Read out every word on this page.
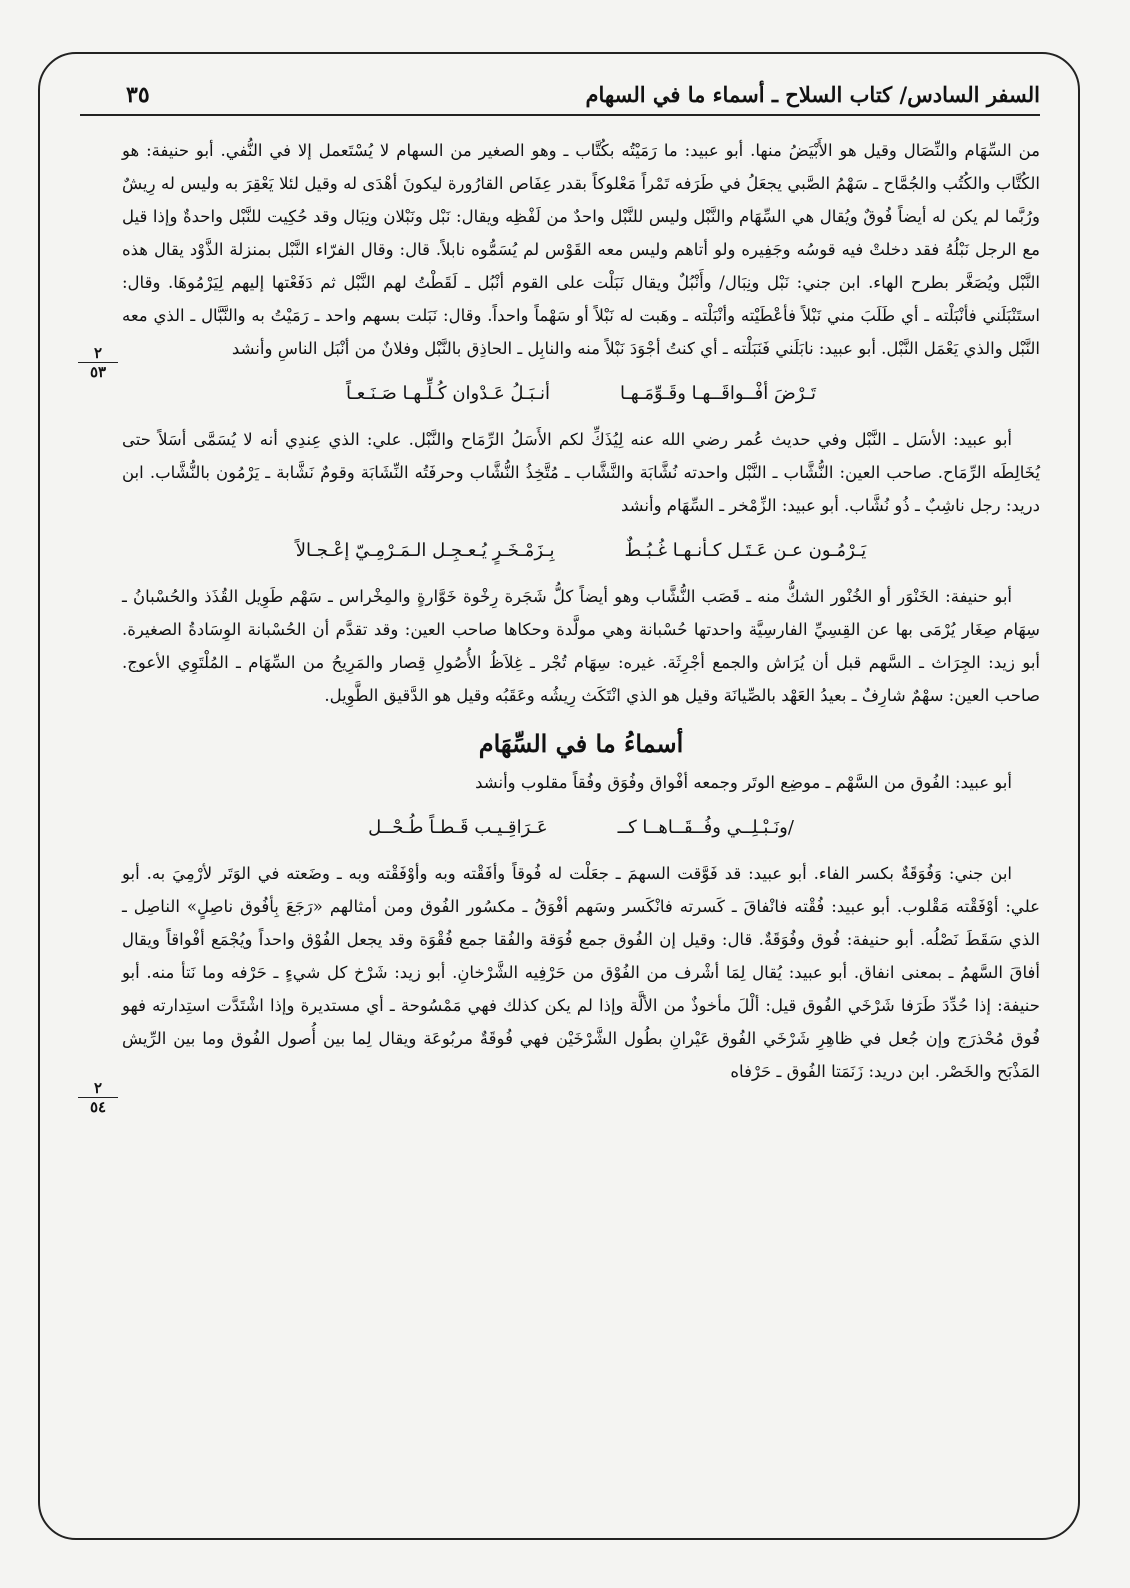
السفر السادس/ كتاب السلاح ـ أسماء ما في السهام
٣٥
٢
٥٣
٢
٥٤

من السِّهَام والنِّصَال وقيل هو الأَبْيَضُ منها. أبو عبيد: ما رَمَيْتُه بكُتَّاب ـ وهو الصغير من السهام لا يُسْتَعمل إلا في النُّفي. أبو حنيفة: هو الكُتَّاب والكُتُب والجُمَّاح ـ سَهْمُ الصَّبي يجعَلُ في طَرَفه تَمْراً مَعْلوكاً بقدر عِفَاص القارُورة ليكونَ أهْدَى له وقيل لئلا يَعْقِرَ به وليس له رِيشٌ ورُبَّما لم يكن له أيضاً فُوقٌ ويُقال هي السِّهَام والنَّبْل وليس للنَّبْل واحدٌ من لَفْظِه ويقال: نَبْل ونَبْلان ونِبَال وقد حُكِيت للنَّبْل واحدةٌ وإذا قيل مع الرجل نَبْلُهُ فقد دخلتْ فيه قوسُه وجَفِيره ولو أتاهم وليس معه القَوْس لم يُسَمُّوه نابلاً. قال: وقال الفرّاء النَّبْل بمنزلة الذَّوْد يقال هذه النَّبْل ويُصَغَّر بطرح الهاء. ابن جني: نَبْل ونِبَال/ وأَنْبُلٌ ويقال نَبَلْت على القوم أنْبُل ـ لَقَطْتُ لهم النَّبْل ثم دَفَعْتها إليهم لِيَرْمُوهَا. وقال: استَنْبَلَني فأنْبَلْته ـ أي طَلَبَ مني نَبْلاً فأعْطَيْته وأنْبَلْته ـ وهَبت له نَبْلاً أو سَهْماً واحداً. وقال: نَبَلت بسهم واحد ـ رَمَيْتُ به والنَّبَّال ـ الذي معه النَّبْل والذي يَعْمَل النَّبْل. أبو عبيد: نابَلَني فَنَبَلْته ـ أي كنتُ أجْوَدَ نَبْلاً منه والنابِل ـ الحاذِق بالنَّبْل وفلانٌ من أنْبَل الناسِ وأنشد

تَـرْضَ أفْــواقَــهـا وقَـوِّمَـهـا
أنـبَـلُ عَـدْوان كُـلِّـهـا صَـنَـعـاً

أبو عبيد: الأسَل ـ النَّبْل وفي حديث عُمر رضي الله عنه لِيُذَكِّ لكم الأَسَلُ الرِّمَاح والنَّبْل. علي: الذي عِندِي أنه لا يُسَمَّى أسَلاً حتى يُخَالِطَه الرِّمَاح. صاحب العين: النُّشَّاب ـ النَّبْل واحدته نُشَّابَة والنَّشَّاب ـ مُتَّخِذُ النُّشَّاب وحرفَتُه النِّشَابَة وقومٌ نَشَّابة ـ يَرْمُون بالنُّشَّاب. ابن دريد: رجل ناشِبٌ ـ ذُو نُشَّاب. أبو عبيد: الزِّمْخر ـ السِّهَام وأنشد

يَـرْمُـون عـن عَـتَـل كـأنـهـا غُـبُـطٌ
بِـزَمْـخَـرٍ يُـعـجِـل الـمَـرْمِـيّ إعْـجـالاً

أبو حنيفة: الخَنْوَر أو الخُنْور الشكُّ منه ـ قَصَب النُّشَّاب وهو أيضاً كلُّ شَجَرة رِخْوة خَوَّارةٍ والمِخْراس ـ سَهْم طَوِيل القُذَذ والحُسْبانُ ـ سِهَام صِغَار يُرْمَى بها عن القِسِيِّ الفارسِيَّة واحدتها حُسْبانة وهي مولَّدة وحكاها صاحب العين: وقد تقدَّم أن الحُسْبانة الوِسَادةُ الصغيرة. أبو زيد: الجِرَاث ـ السَّهم قبل أن يُرَاش والجمع أجْرِثَة. غيره: سِهَام تُجْر ـ غِلاَظُ الأُصُولِ قِصار والمَرِيحُ من السِّهَام ـ المُلْتَوِي الأعوج. صاحب العين: سهْمٌ شارِفٌ ـ بعيدُ العَهْد بالصِّيانَة وقيل هو الذي انْتَكَث رِيشُه وعَقَبُه وقيل هو الدَّقيق الطَّوِيل.

أسماءُ ما في السِّهَام

أبو عبيد: الفُوق من السَّهْم ـ موضِع الوتَر وجمعه أفْواق وفُوَق وفُقاً مقلوب وأنشد

/ونَـبْـلِــي وفُــقَــاهــا كــ
عَـرَاقِـيـب قَـطـاً طُـحْــل

ابن جني: وَفُوَقَةٌ بكسر الفاء. أبو عبيد: قد فَوَّقت السهمَ ـ جعَلْت له فُوقاً وأفَقْته وبه وأوْفَقْته وبه ـ وضَعته في الوَتَر لأرْمِيَ به. أبو علي: أوْفَقْته مَقْلوب. أبو عبيد: فُقْته فانْفاقَ ـ كَسرته فانْكَسر وسَهم أفْوَقُ ـ مكسُور الفُوق ومن أمثالهم «رَجَعَ بِأفُوق ناصِلٍ» الناصِل ـ الذي سَقَطَ نَصْلُه. أبو حنيفة: فُوق وفُوَقَةٌ. قال: وقيل إن الفُوق جمع فُوَقة والفُقا جمع فُقْوَة وقد يجعل الفُوْق واحداً ويُجْمَع أفْواقاً ويقال أفاقَ السَّهمُ ـ بمعنى انفاق. أبو عبيد: يُقال لِمَا أشْرف من الفُوْق من حَرْفِيه الشَّرْخانِ. أبو زيد: شَرْخ كل شيءٍ ـ حَرْفه وما نَتأ منه. أبو حنيفة: إذا حُدِّدَ طَرَفا شَرْخَي الفُوق قيل: ألْلَ مأخوذٌ من الألَّة وإذا لم يكن كذلك فهي مَمْسُوحة ـ أي مستديرة وإذا اشْتَدَّت استِدارته فهو فُوق مُحْذرَج وإن جُعل في ظاهِرِ شَرْخَي الفُوق عَيْرانِ بطُول الشَّرْخَيْن فهي فُوقَةٌ مربُوعَة ويقال لِما بين أُصول الفُوق وما بين الرِّيش المَذْبَح والخَصْر. ابن دريد: زَنَمَتا الفُوق ـ حَرْفاه
